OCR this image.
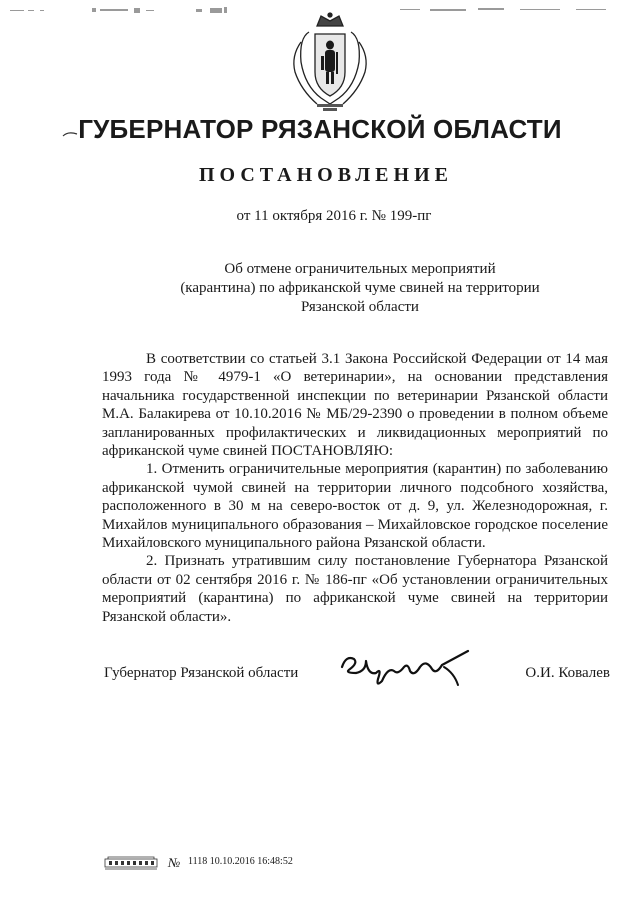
ГУБЕРНАТОР РЯЗАНСКОЙ ОБЛАСТИ
ПОСТАНОВЛЕНИЕ
от 11 октября 2016 г. № 199-пг
Об отмене ограничительных мероприятий
(карантина) по африканской чуме свиней на территории
Рязанской области

В соответствии со статьей 3.1 Закона Российской Федерации от 14 мая 1993 года № 4979-1 «О ветеринарии», на основании представления начальника государственной инспекции по ветеринарии Рязанской области М.А. Балакирева от 10.10.2016 № МБ/29-2390 о проведении в полном объеме запланированных профилактических и ликвидационных мероприятий по африканской чуме свиней ПОСТАНОВЛЯЮ:

1. Отменить ограничительные мероприятия (карантин) по заболеванию африканской чумой свиней на территории личного подсобного хозяйства, расположенного в 30 м на северо-восток от д. 9, ул. Железнодорожная, г. Михайлов муниципального образования – Михайловское городское поселение Михайловского муниципального района Рязанской области.

2. Признать утратившим силу постановление Губернатора Рязанской области от 02 сентября 2016 г. № 186-пг «Об установлении ограничительных мероприятий (карантина) по африканской чуме свиней на территории Рязанской области».

Губернатор Рязанской области	О.И. Ковалев
№ 1118 10.10.2016 16:48:52
